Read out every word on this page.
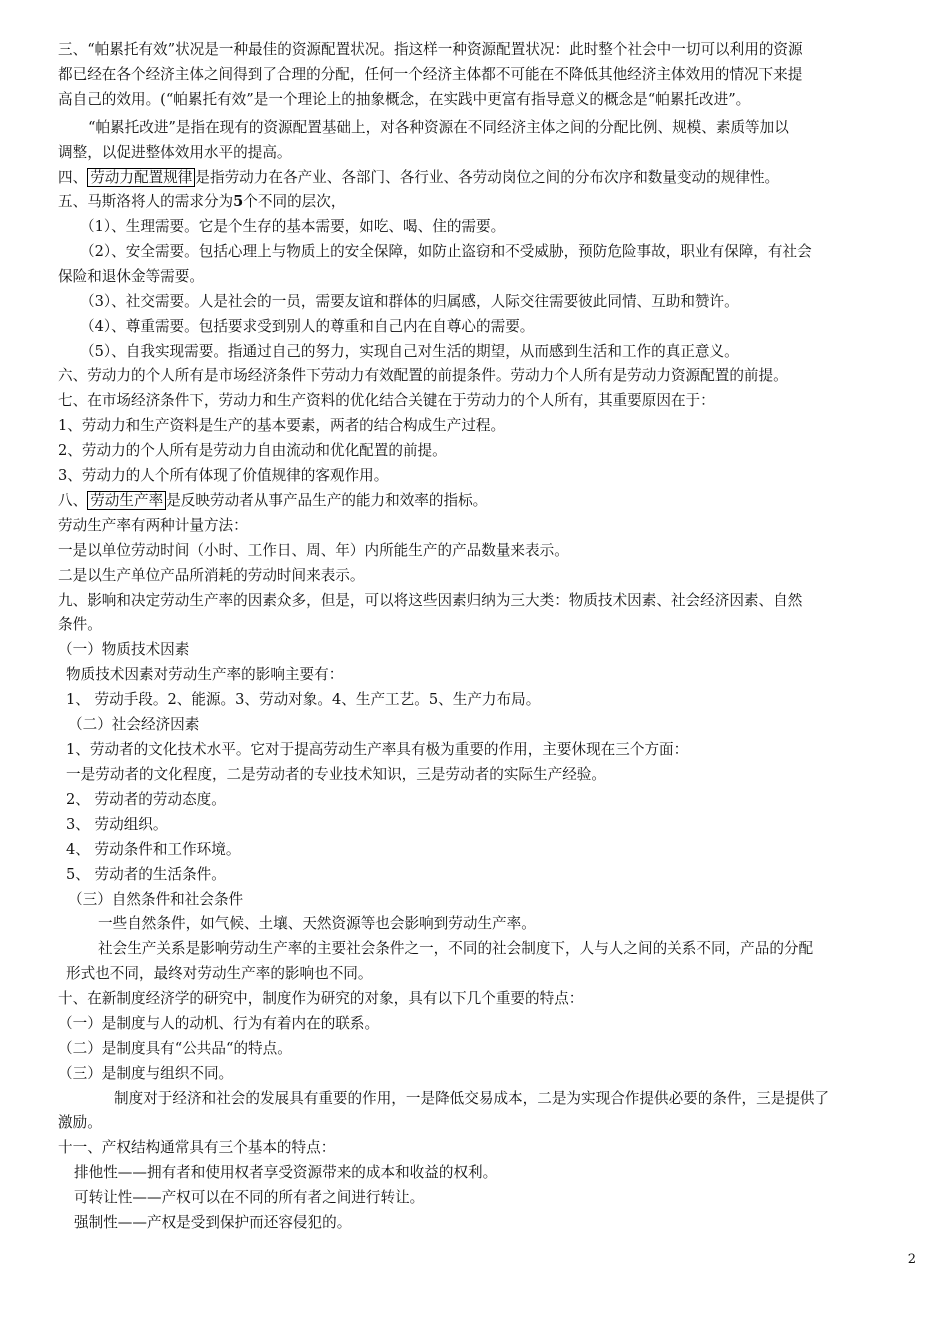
三、“帕累托有效”状况是一种最佳的资源配置状况。指这样一种资源配置状况：此时整个社会中一切可以利用的资源
都已经在各个经济主体之间得到了合理的分配，任何一个经济主体都不可能在不降低其他经济主体效用的情况下来提
高自己的效用。(“帕累托有效”是一个理论上的抽象概念，在实践中更富有指导意义的概念是“帕累托改进”。
“帕累托改进”是指在现有的资源配置基础上，对各种资源在不同经济主体之间的分配比例、规模、素质等加以
调整，以促进整体效用水平的提高。
四、 劳动力配置规律 是指劳动力在各产业、各部门、各行业、各劳动岗位之间的分布次序和数量变动的规律性。
五、马斯洛将人的需求分为5个不同的层次，
（1）、生理需要。它是个生存的基本需要，如吃、喝、住的需要。
（2）、安全需要。包括心理上与物质上的安全保障，如防止盗窃和不受威胁，预防危险事故，职业有保障，有社会
保险和退休金等需要。
（3）、社交需要。人是社会的一员，需要友谊和群体的归属感，人际交往需要彼此同情、互助和赞许。
（4）、尊重需要。包括要求受到别人的尊重和自己内在自尊心的需要。
（5）、自我实现需要。指通过自己的努力，实现自己对生活的期望，从而感到生活和工作的真正意义。
六、劳动力的个人所有是市场经济条件下劳动力有效配置的前提条件。劳动力个人所有是劳动力资源配置的前提。
七、在市场经济条件下，劳动力和生产资料的优化结合关键在于劳动力的个人所有，其重要原因在于：
1、劳动力和生产资料是生产的基本要素，两者的结合构成生产过程。
2、劳动力的个人所有是劳动力自由流动和优化配置的前提。
3、劳动力的人个所有体现了价值规律的客观作用。
八、 劳动生产率 是反映劳动者从事产品生产的能力和效率的指标。
劳动生产率有两种计量方法：
一是以单位劳动时间（小时、工作日、周、年）内所能生产的产品数量来表示。
二是以生产单位产品所消耗的劳动时间来表示。
九、影响和决定劳动生产率的因素众多，但是，可以将这些因素归纳为三大类：物质技术因素、社会经济因素、自然
条件。
（一）物质技术因素
物质技术因素对劳动生产率的影响主要有：
1、 劳动手段。2、能源。3、劳动对象。4、生产工艺。5、生产力布局。
（二）社会经济因素
1、劳动者的文化技术水平。它对于提高劳动生产率具有极为重要的作用，主要休现在三个方面：
一是劳动者的文化程度，二是劳动者的专业技术知识，三是劳动者的实际生产经验。
2、 劳动者的劳动态度。
3、 劳动组织。
4、 劳动条件和工作环境。
5、 劳动者的生活条件。
（三）自然条件和社会条件
一些自然条件，如气候、土壤、天然资源等也会影响到劳动生产率。
社会生产关系是影响劳动生产率的主要社会条件之一，不同的社会制度下，人与人之间的关系不同，产品的分配
形式也不同，最终对劳动生产率的影响也不同。
十、在新制度经济学的研究中，制度作为研究的对象，具有以下几个重要的特点：
（一）是制度与人的动机、行为有着内在的联系。
（二）是制度具有“公共品“的特点。
（三）是制度与组织不同。
制度对于经济和社会的发展具有重要的作用，一是降低交易成本，二是为实现合作提供必要的条件，三是提供了
激励。
十一、产权结构通常具有三个基本的特点：
排他性——拥有者和使用权者享受资源带来的成本和收益的权利。
可转让性——产权可以在不同的所有者之间进行转让。
强制性——产权是受到保护而还容侵犯的。
2
